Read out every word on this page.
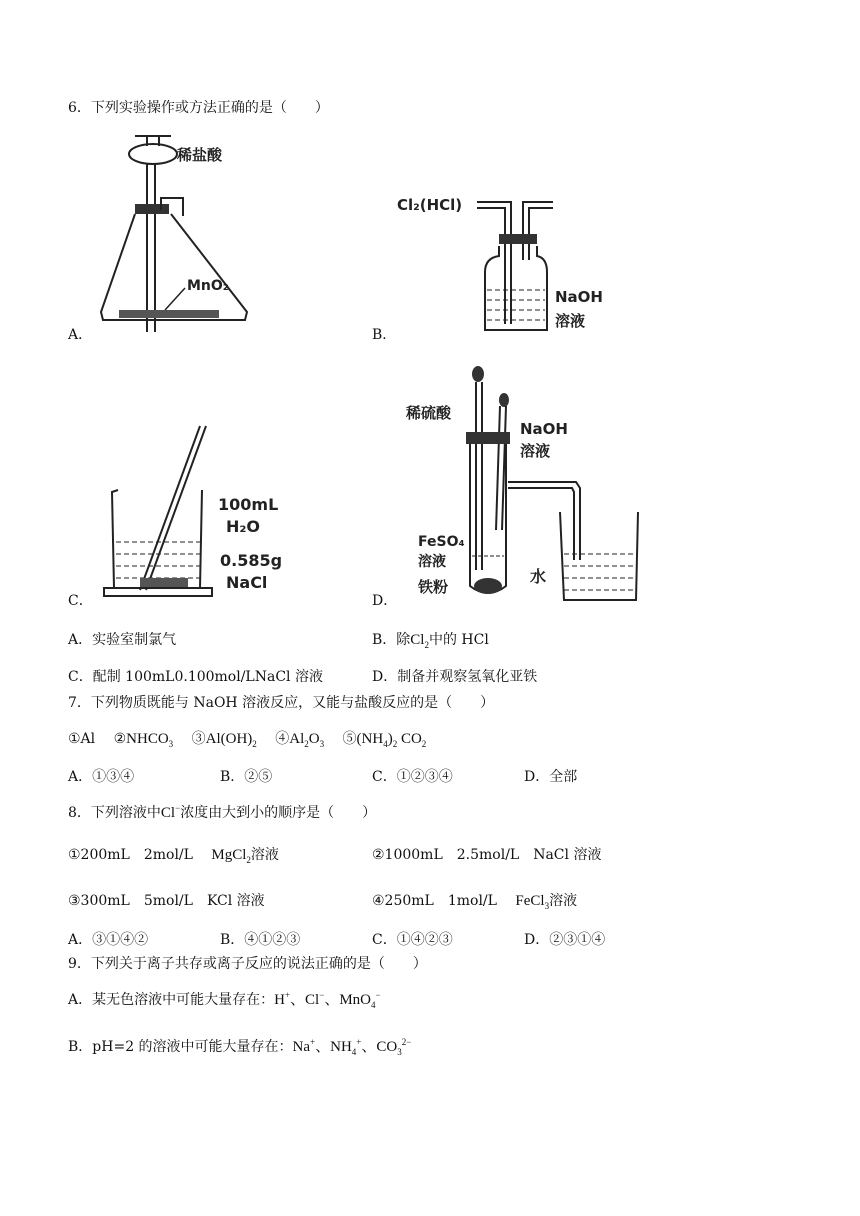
6．下列实验操作或方法正确的是（　　）
稀盐酸
MnO₂
A．
Cl₂(HCl)
NaOH
溶液
B．
100mL
H₂O
0.585g
NaCl
C．
稀硫酸
NaOH
溶液
FeSO₄
溶液
铁粉
水
D．
A．实验室制氯气	B．除$Cl_2$中的 HCl
C．配制 100mL0.100mol/LNaCl 溶液	D．制备并观察氢氧化亚铁
7．下列物质既能与 NaOH 溶液反应，又能与盐酸反应的是（　　）
①Al　 $②NHCO_3$　 $③Al(OH)_2$　 $④Al_2O_3$　 $⑤(NH_4)_2$ $CO_2$
A．①③④	B．②⑤	C．①②③④	D．全部
8．下列溶液中Cl−浓度由大到小的顺序是（　　）
①200mL　2mol/L　 MgCl$_2$溶液	②1000mL　2.5mol/L　NaCl 溶液
③300mL　5mol/L　KCl 溶液	④250mL　1mol/L　 FeCl$_3$溶液
A．③①④②	B．④①②③	C．①④②③	D．②③①④
9．下列关于离子共存或离子反应的说法正确的是（　　）
A．某无色溶液中可能大量存在：H+、Cl−、MnO$_4$−
B．pH=2 的溶液中可能大量存在：Na+、$NH_4^+$、$CO_3^{2-}$
